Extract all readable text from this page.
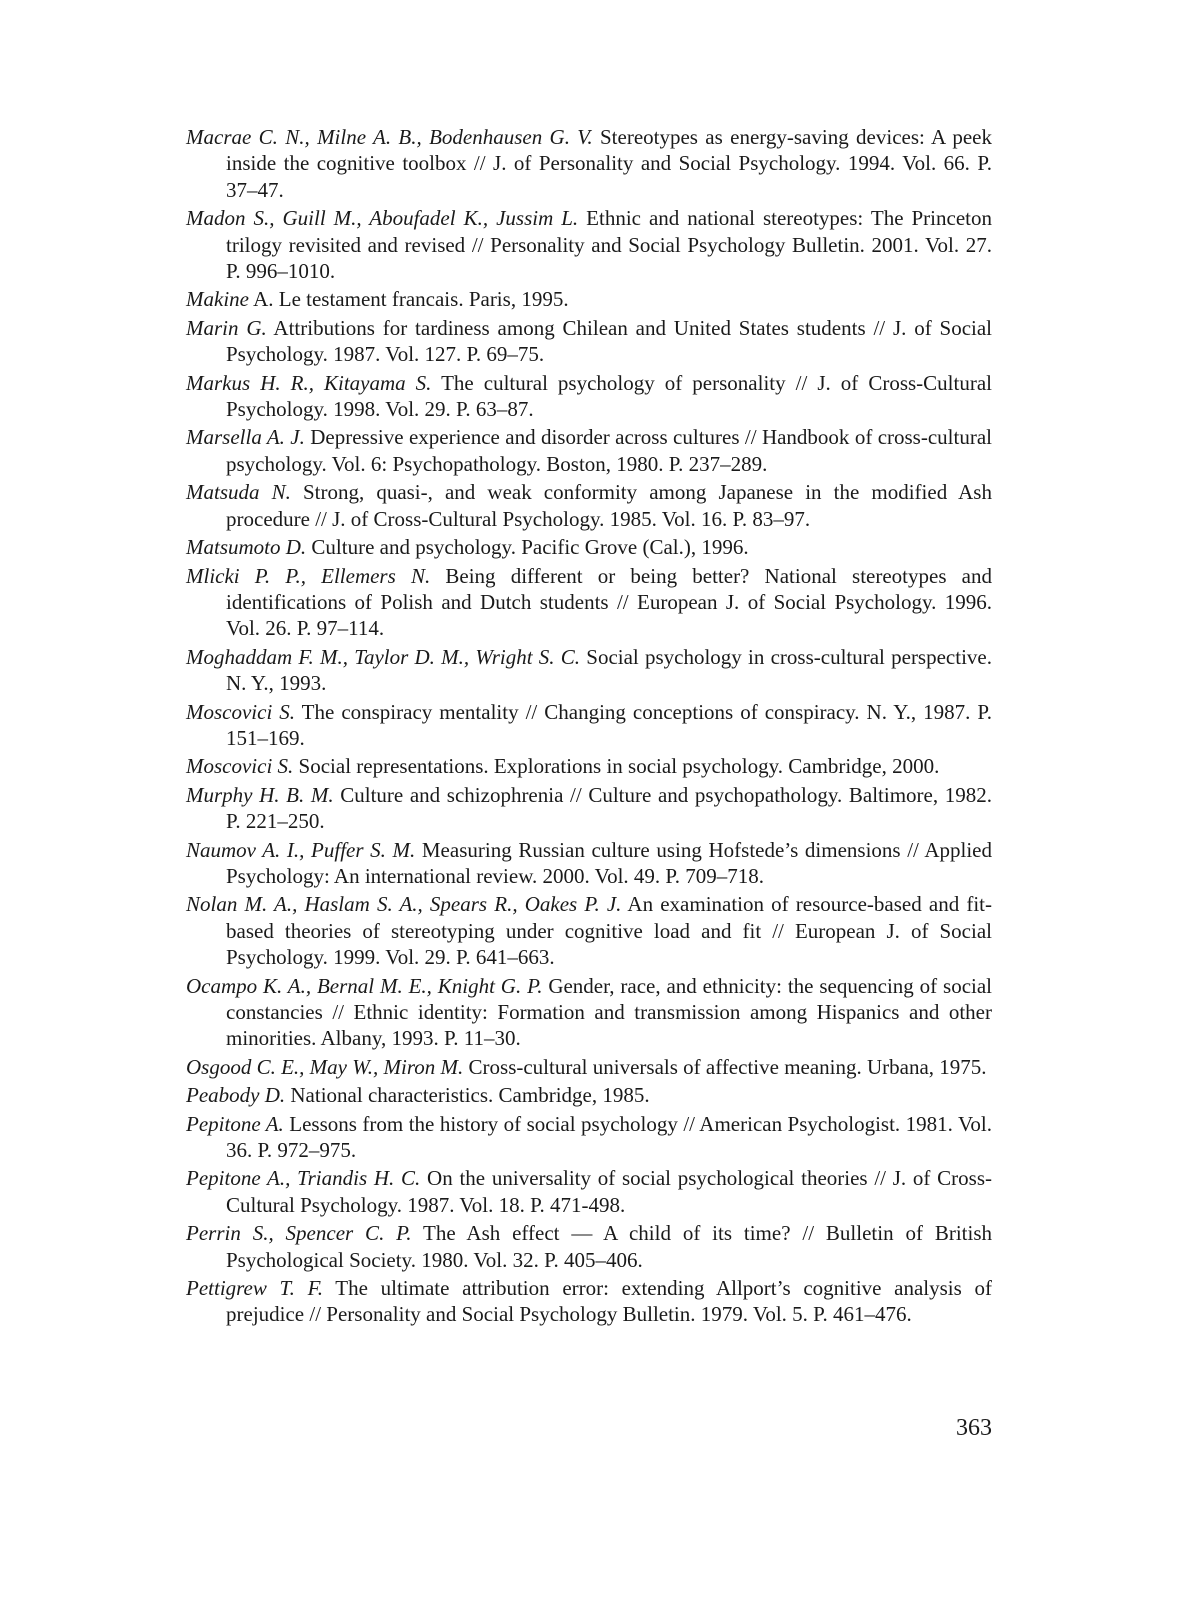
Macrae C. N., Milne A. B., Bodenhausen G. V. Stereotypes as energy-saving devices: A peek inside the cognitive toolbox // J. of Personality and Social Psychology. 1994. Vol. 66. P. 37–47.

Madon S., Guill M., Aboufadel K., Jussim L. Ethnic and national stereotypes: The Princeton trilogy revisited and revised // Personality and Social Psychology Bulletin. 2001. Vol. 27. P. 996–1010.

Makine A. Le testament francais. Paris, 1995.

Marin G. Attributions for tardiness among Chilean and United States students // J. of Social Psychology. 1987. Vol. 127. P. 69–75.

Markus H. R., Kitayama S. The cultural psychology of personality // J. of Cross-Cultural Psychology. 1998. Vol. 29. P. 63–87.

Marsella A. J. Depressive experience and disorder across cultures // Handbook of cross-cultural psychology. Vol. 6: Psychopathology. Boston, 1980. P. 237–289.

Matsuda N. Strong, quasi-, and weak conformity among Japanese in the modified Ash procedure // J. of Cross-Cultural Psychology. 1985. Vol. 16. P. 83–97.

Matsumoto D. Culture and psychology. Pacific Grove (Cal.), 1996.

Mlicki P. P., Ellemers N. Being different or being better? National stereotypes and identifications of Polish and Dutch students // European J. of Social Psychology. 1996. Vol. 26. P. 97–114.

Moghaddam F. M., Taylor D. M., Wright S. C. Social psychology in cross-cultural perspective. N. Y., 1993.

Moscovici S. The conspiracy mentality // Changing conceptions of conspiracy. N. Y., 1987. P. 151–169.

Moscovici S. Social representations. Explorations in social psychology. Cambridge, 2000.

Murphy H. B. M. Culture and schizophrenia // Culture and psychopathology. Baltimore, 1982. P. 221–250.

Naumov A. I., Puffer S. M. Measuring Russian culture using Hofstede’s dimensions // Applied Psychology: An international review. 2000. Vol. 49. P. 709–718.

Nolan M. A., Haslam S. A., Spears R., Oakes P. J. An examination of resource-based and fit-based theories of stereotyping under cognitive load and fit // European J. of Social Psychology. 1999. Vol. 29. P. 641–663.

Ocampo K. A., Bernal M. E., Knight G. P. Gender, race, and ethnicity: the sequencing of social constancies // Ethnic identity: Formation and transmission among Hispanics and other minorities. Albany, 1993. P. 11–30.

Osgood C. E., May W., Miron M. Cross-cultural universals of affective meaning. Urbana, 1975.

Peabody D. National characteristics. Cambridge, 1985.

Pepitone A. Lessons from the history of social psychology // American Psychologist. 1981. Vol. 36. P. 972–975.

Pepitone A., Triandis H. C. On the universality of social psychological theories // J. of Cross-Cultural Psychology. 1987. Vol. 18. P. 471-498.

Perrin S., Spencer C. P. The Ash effect — A child of its time? // Bulletin of British Psychological Society. 1980. Vol. 32. P. 405–406.

Pettigrew T. F. The ultimate attribution error: extending Allport’s cognitive analysis of prejudice // Personality and Social Psychology Bulletin. 1979. Vol. 5. P. 461–476.

363
